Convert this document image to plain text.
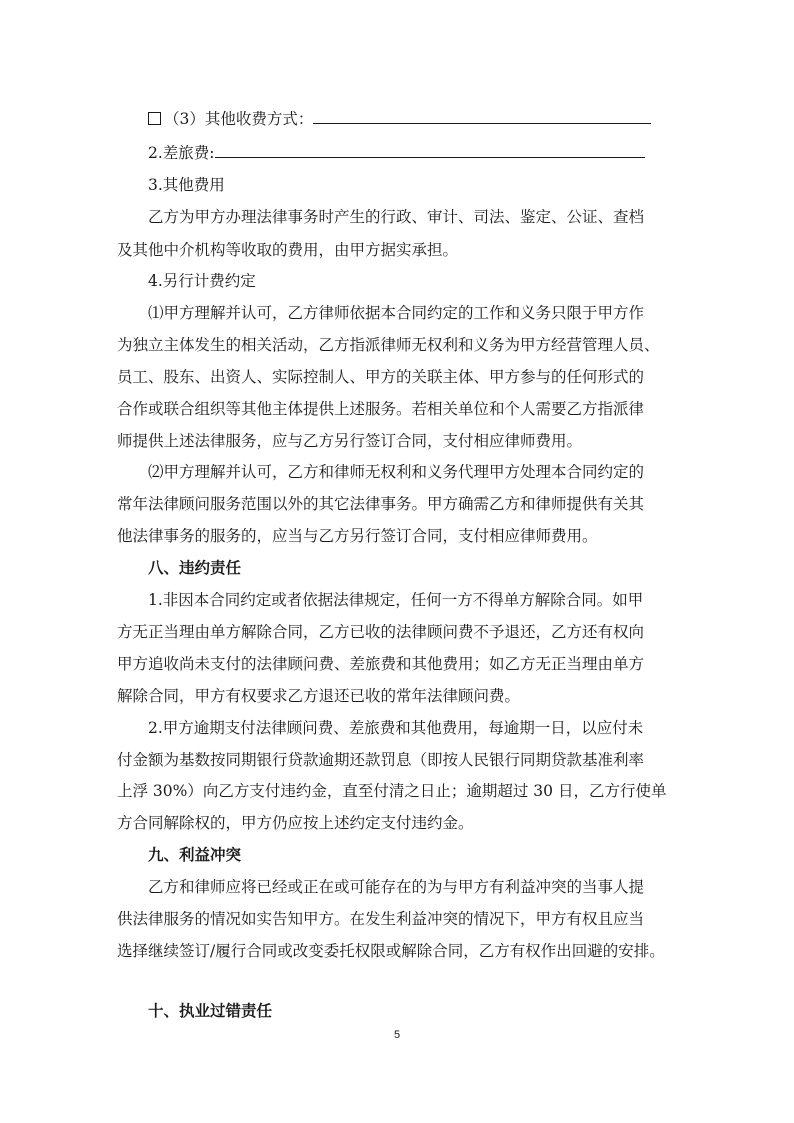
（3）其他收费方式：
2.差旅费:
3.其他费用
乙方为甲方办理法律事务时产生的行政、审计、司法、鉴定、公证、查档
及其他中介机构等收取的费用，由甲方据实承担。
4.另行计费约定
⑴甲方理解并认可，乙方律师依据本合同约定的工作和义务只限于甲方作
为独立主体发生的相关活动，乙方指派律师无权利和义务为甲方经营管理人员、
员工、股东、出资人、实际控制人、甲方的关联主体、甲方参与的任何形式的
合作或联合组织等其他主体提供上述服务。若相关单位和个人需要乙方指派律
师提供上述法律服务，应与乙方另行签订合同，支付相应律师费用。
⑵甲方理解并认可，乙方和律师无权利和义务代理甲方处理本合同约定的
常年法律顾问服务范围以外的其它法律事务。甲方确需乙方和律师提供有关其
他法律事务的服务的，应当与乙方另行签订合同，支付相应律师费用。
八、违约责任
1.非因本合同约定或者依据法律规定，任何一方不得单方解除合同。如甲
方无正当理由单方解除合同，乙方已收的法律顾问费不予退还，乙方还有权向
甲方追收尚未支付的法律顾问费、差旅费和其他费用；如乙方无正当理由单方
解除合同，甲方有权要求乙方退还已收的常年法律顾问费。
2.甲方逾期支付法律顾问费、差旅费和其他费用，每逾期一日，以应付未
付金额为基数按同期银行贷款逾期还款罚息（即按人民银行同期贷款基准利率
上浮 30%）向乙方支付违约金，直至付清之日止；逾期超过 30 日，乙方行使单
方合同解除权的，甲方仍应按上述约定支付违约金。
九、利益冲突
乙方和律师应将已经或正在或可能存在的为与甲方有利益冲突的当事人提
供法律服务的情况如实告知甲方。在发生利益冲突的情况下，甲方有权且应当
选择继续签订/履行合同或改变委托权限或解除合同，乙方有权作出回避的安排。
十、执业过错责任
5
